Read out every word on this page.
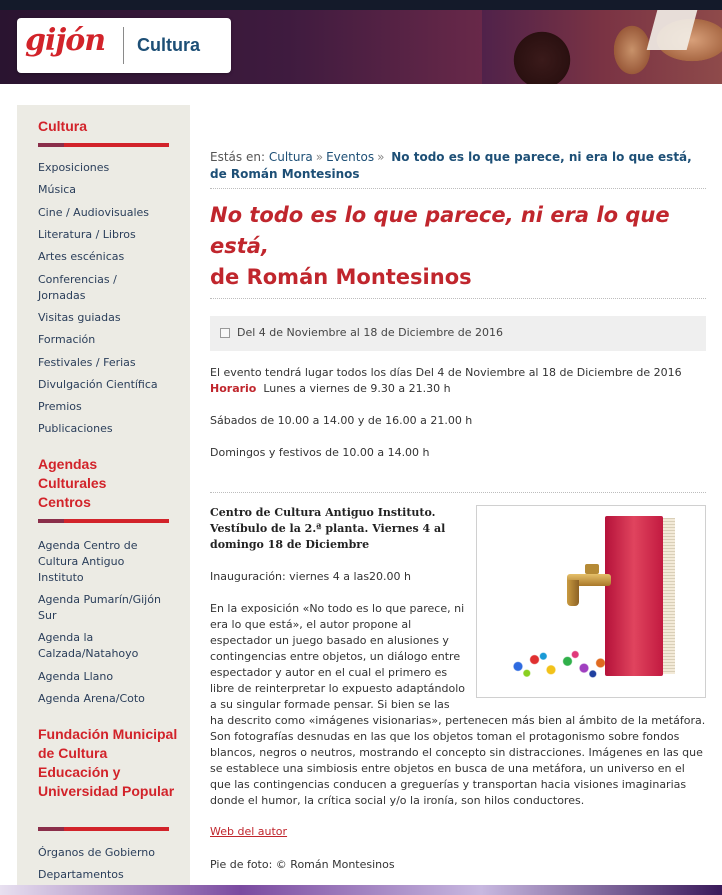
gijón Cultura
Cultura
Exposiciones
Música
Cine / Audiovisuales
Literatura / Libros
Artes escénicas
Conferencias / Jornadas
Visitas guiadas
Formación
Festivales / Ferias
Divulgación Científica
Premios
Publicaciones
Agendas Culturales Centros
Agenda Centro de Cultura Antiguo Instituto
Agenda Pumarín/Gijón Sur
Agenda la Calzada/Natahoyo
Agenda Llano
Agenda Arena/Coto
Fundación Municipal de Cultura Educación y Universidad Popular
Órganos de Gobierno
Departamentos
Estás en: Cultura » Eventos » No todo es lo que parece, ni era lo que está, de Román Montesinos
No todo es lo que parece, ni era lo que está,
de Román Montesinos
Del 4 de Noviembre al 18 de Diciembre de 2016
El evento tendrá lugar todos los días Del 4 de Noviembre al 18 de Diciembre de 2016
Horario Lunes a viernes de 9.30 a 21.30 h
Sábados de 10.00 a 14.00 y de 16.00 a 21.00 h
Domingos y festivos de 10.00 a 14.00 h
Centro de Cultura Antiguo Instituto. Vestíbulo de la 2.ª planta. Viernes 4 al domingo 18 de Diciembre
Inauguración: viernes 4 a las20.00 h
En la exposición «No todo es lo que parece, ni era lo que está», el autor propone al espectador un juego basado en alusiones y contingencias entre objetos, un diálogo entre espectador y autor en el cual el primero es libre de reinterpretar lo expuesto adaptándolo a su singular formade pensar. Si bien se las
ha descrito como «imágenes visionarias», pertenecen más bien al ámbito de la metáfora. Son fotografías desnudas en las que los objetos toman el protagonismo sobre fondos blancos, negros o neutros, mostrando el concepto sin distracciones. Imágenes en las que se establece una simbiosis entre objetos en busca de una metáfora, un universo en el que las contingencias conducen a greguerías y transportan hacia visiones imaginarias donde el humor, la crítica social y/o la ironía, son hilos conductores.
Web del autor
Pie de foto: © Román Montesinos
